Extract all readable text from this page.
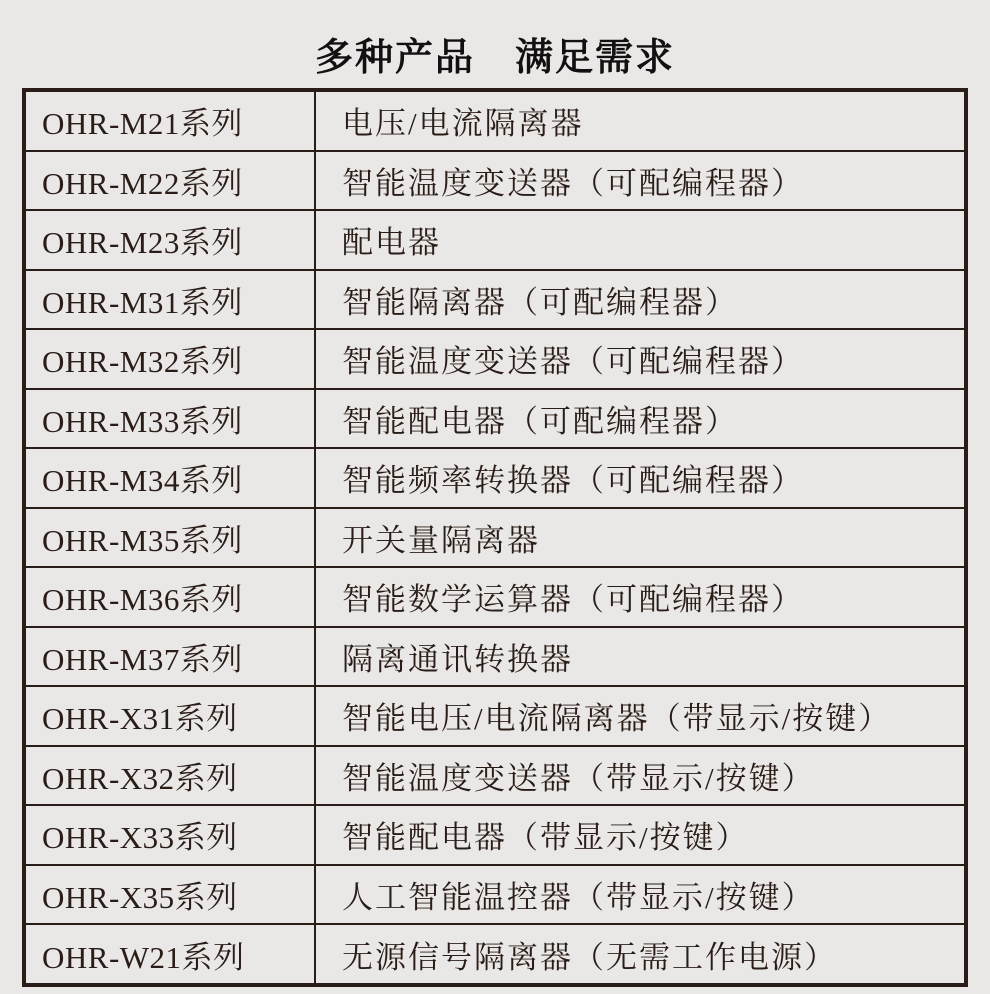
多种产品　满足需求
OHR-M21系列	电压/电流隔离器
OHR-M22系列	智能温度变送器（可配编程器）
OHR-M23系列	配电器
OHR-M31系列	智能隔离器（可配编程器）
OHR-M32系列	智能温度变送器（可配编程器）
OHR-M33系列	智能配电器（可配编程器）
OHR-M34系列	智能频率转换器（可配编程器）
OHR-M35系列	开关量隔离器
OHR-M36系列	智能数学运算器（可配编程器）
OHR-M37系列	隔离通讯转换器
OHR-X31系列	智能电压/电流隔离器（带显示/按键）
OHR-X32系列	智能温度变送器（带显示/按键）
OHR-X33系列	智能配电器（带显示/按键）
OHR-X35系列	人工智能温控器（带显示/按键）
OHR-W21系列	无源信号隔离器（无需工作电源）
